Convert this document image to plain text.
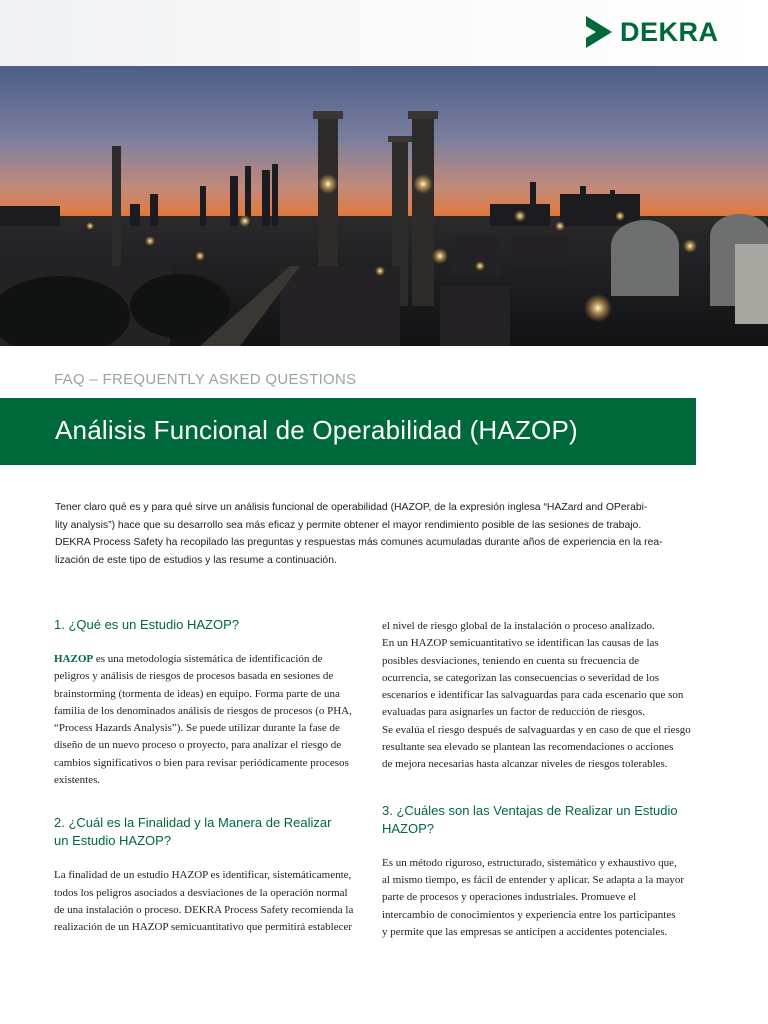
DEKRA
FAQ – FREQUENTLY ASKED QUESTIONS
Análisis Funcional de Operabilidad (HAZOP)
Tener claro qué es y para qué sirve un análisis funcional de operabilidad (HAZOP, de la expresión inglesa “HAZard and OPerabi-
lity analysis”) hace que su desarrollo sea más eficaz y permite obtener el mayor rendimiento posible de las sesiones de trabajo.
DEKRA Process Safety ha recopilado las preguntas y respuestas más comunes acumuladas durante años de experiencia en la rea-
lización de este tipo de estudios y las resume a continuación.
1. ¿Qué es un Estudio HAZOP?
HAZOP es una metodología sistemática de identificación de
peligros y análisis de riesgos de procesos basada en sesiones de
brainstorming (tormenta de ideas) en equipo. Forma parte de una
familia de los denominados análisis de riesgos de procesos (o PHA,
“Process Hazards Analysis”). Se puede utilizar durante la fase de
diseño de un nuevo proceso o proyecto, para analizar el riesgo de
cambios significativos o bien para revisar periódicamente procesos
existentes.
2. ¿Cuál es la Finalidad y la Manera de Realizar
un Estudio HAZOP?
La finalidad de un estudio HAZOP es identificar, sistemáticamente,
todos los peligros asociados a desviaciones de la operación normal
de una instalación o proceso. DEKRA Process Safety recomienda la
realización de un HAZOP semicuantitativo que permitirá establecer
el nivel de riesgo global de la instalación o proceso analizado.
En un HAZOP semicuantitativo se identifican las causas de las
posibles desviaciones, teniendo en cuenta su frecuencia de
ocurrencia, se categorizan las consecuencias o severidad de los
escenarios e identificar las salvaguardas para cada escenario que son
evaluadas para asignarles un factor de reducción de riesgos.
Se evalúa el riesgo después de salvaguardas y en caso de que el riesgo
resultante sea elevado se plantean las recomendaciones o acciones
de mejora necesarias hasta alcanzar niveles de riesgos tolerables.
3. ¿Cuáles son las Ventajas de Realizar un Estudio
HAZOP?
Es un método riguroso, estructurado, sistemático y exhaustivo que,
al mismo tiempo, es fácil de entender y aplicar. Se adapta a la mayor
parte de procesos y operaciones industriales. Promueve el
intercambio de conocimientos y experiencia entre los participantes
y permite que las empresas se anticipen a accidentes potenciales.
